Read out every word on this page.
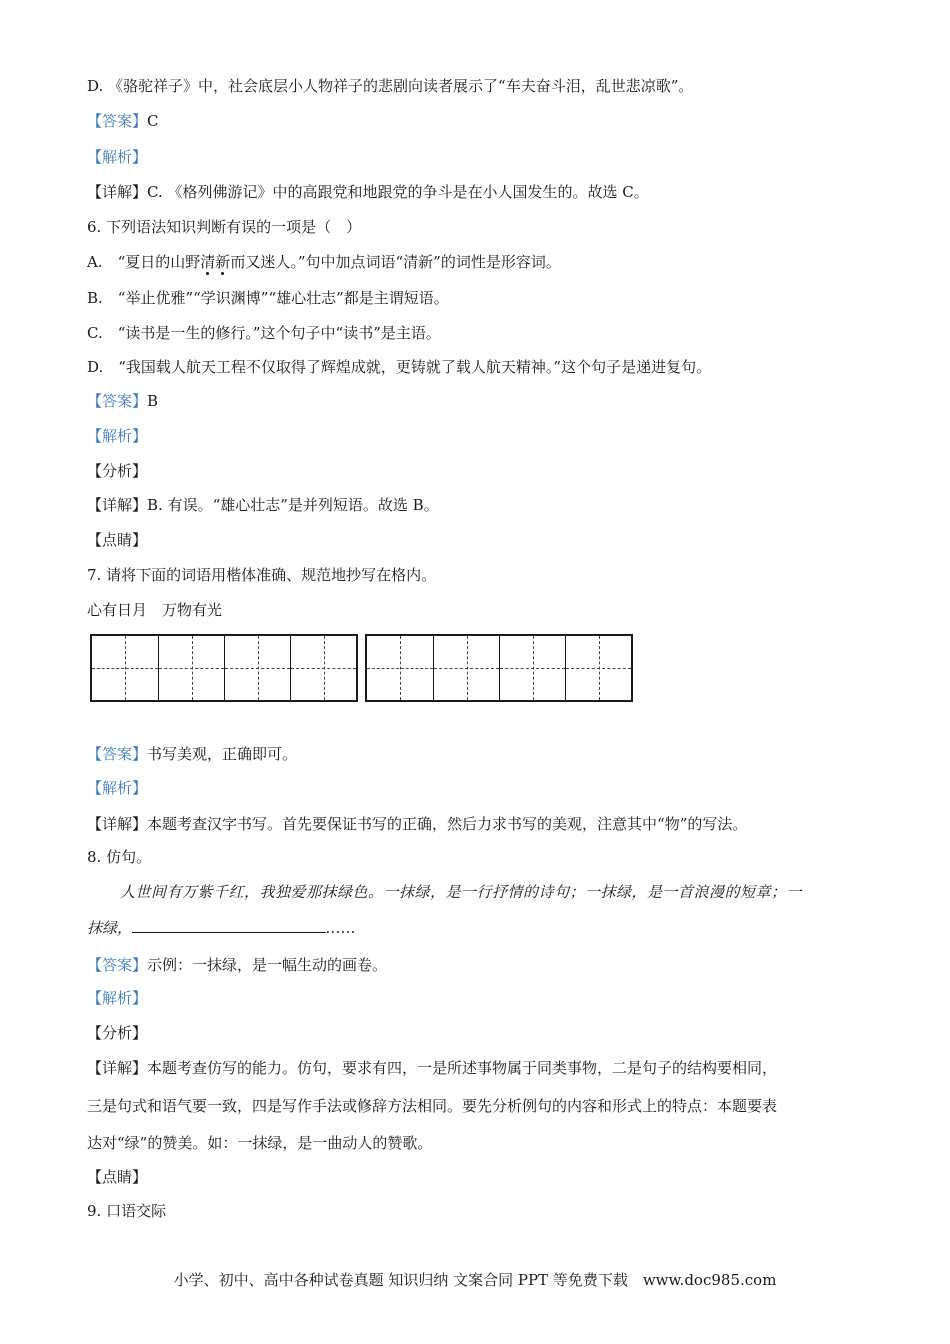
D. 《骆驼祥子》中，社会底层小人物祥子的悲剧向读者展示了“车夫奋斗泪，乱世悲凉歌”。
【答案】C
【解析】
【详解】C. 《格列佛游记》中的高跟党和地跟党的争斗是在小人国发生的。故选 C。
6. 下列语法知识判断有误的一项是（　）
A.　“夏日的山野清新而又迷人。”句中加点词语“清新”的词性是形容词。
B.　“举止优雅”“学识渊博”“雄心壮志”都是主谓短语。
C.　“读书是一生的修行。”这个句子中“读书”是主语。
D.　“我国载人航天工程不仅取得了辉煌成就，更铸就了载人航天精神。”这个句子是递进复句。
【答案】B
【解析】
【分析】
【详解】B. 有误。“雄心壮志”是并列短语。故选 B。
【点睛】
7. 请将下面的词语用楷体准确、规范地抄写在格内。
心有日月　万物有光
【答案】书写美观，正确即可。
【解析】
【详解】本题考查汉字书写。首先要保证书写的正确，然后力求书写的美观，注意其中“物”的写法。
8. 仿句。
人世间有万紫千红，我独爱那抹绿色。一抹绿，是一行抒情的诗句；一抹绿，是一首浪漫的短章；一
抹绿，	……
【答案】示例：一抹绿，是一幅生动的画卷。
【解析】
【分析】
【详解】本题考查仿写的能力。仿句，要求有四，一是所述事物属于同类事物，二是句子的结构要相同，
三是句式和语气要一致，四是写作手法或修辞方法相同。要先分析例句的内容和形式上的特点：本题要表
达对“绿”的赞美。如：一抹绿，是一曲动人的赞歌。
【点睛】
9. 口语交际
小学、初中、高中各种试卷真题 知识归纳 文案合同 PPT 等免费下载　www.doc985.com
